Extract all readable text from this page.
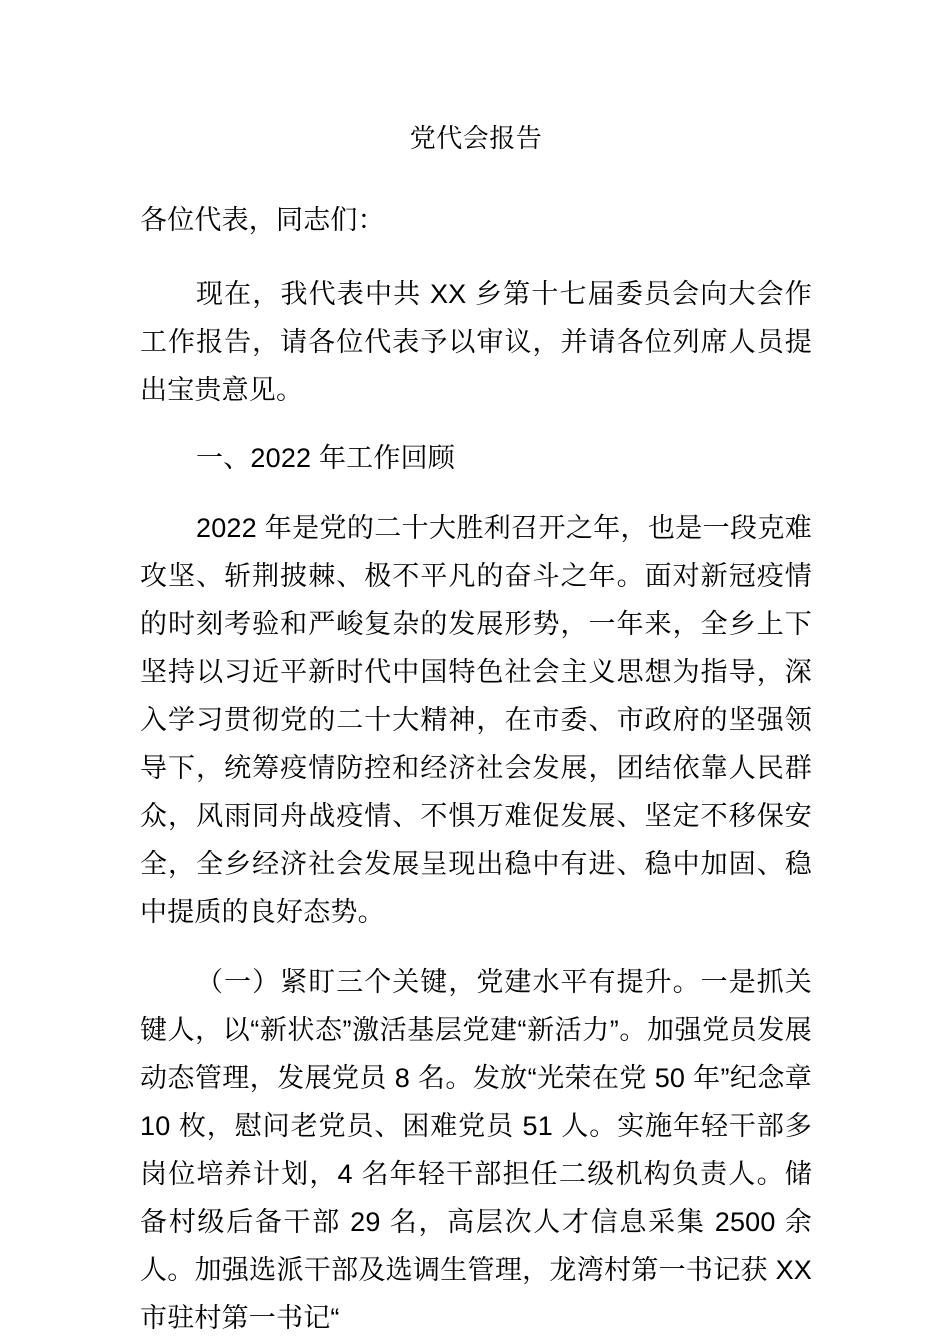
党代会报告

各位代表，同志们：

现在，我代表中共 XX 乡第十七届委员会向大会作工作报告，请各位代表予以审议，并请各位列席人员提出宝贵意见。

一、2022 年工作回顾

2022 年是党的二十大胜利召开之年，也是一段克难攻坚、斩荆披棘、极不平凡的奋斗之年。面对新冠疫情的时刻考验和严峻复杂的发展形势，一年来，全乡上下坚持以习近平新时代中国特色社会主义思想为指导，深入学习贯彻党的二十大精神，在市委、市政府的坚强领导下，统筹疫情防控和经济社会发展，团结依靠人民群众，风雨同舟战疫情、不惧万难促发展、坚定不移保安全，全乡经济社会发展呈现出稳中有进、稳中加固、稳中提质的良好态势。

（一）紧盯三个关键，党建水平有提升。一是抓关键人，以“新状态”激活基层党建“新活力”。加强党员发展动态管理，发展党员 8 名。发放“光荣在党 50 年”纪念章 10 枚，慰问老党员、困难党员 51 人。实施年轻干部多岗位培养计划，4 名年轻干部担任二级机构负责人。储备村级后备干部 29 名，高层次人才信息采集 2500 余人。加强选派干部及选调生管理，龙湾村第一书记获 XX 市驻村第一书记“
